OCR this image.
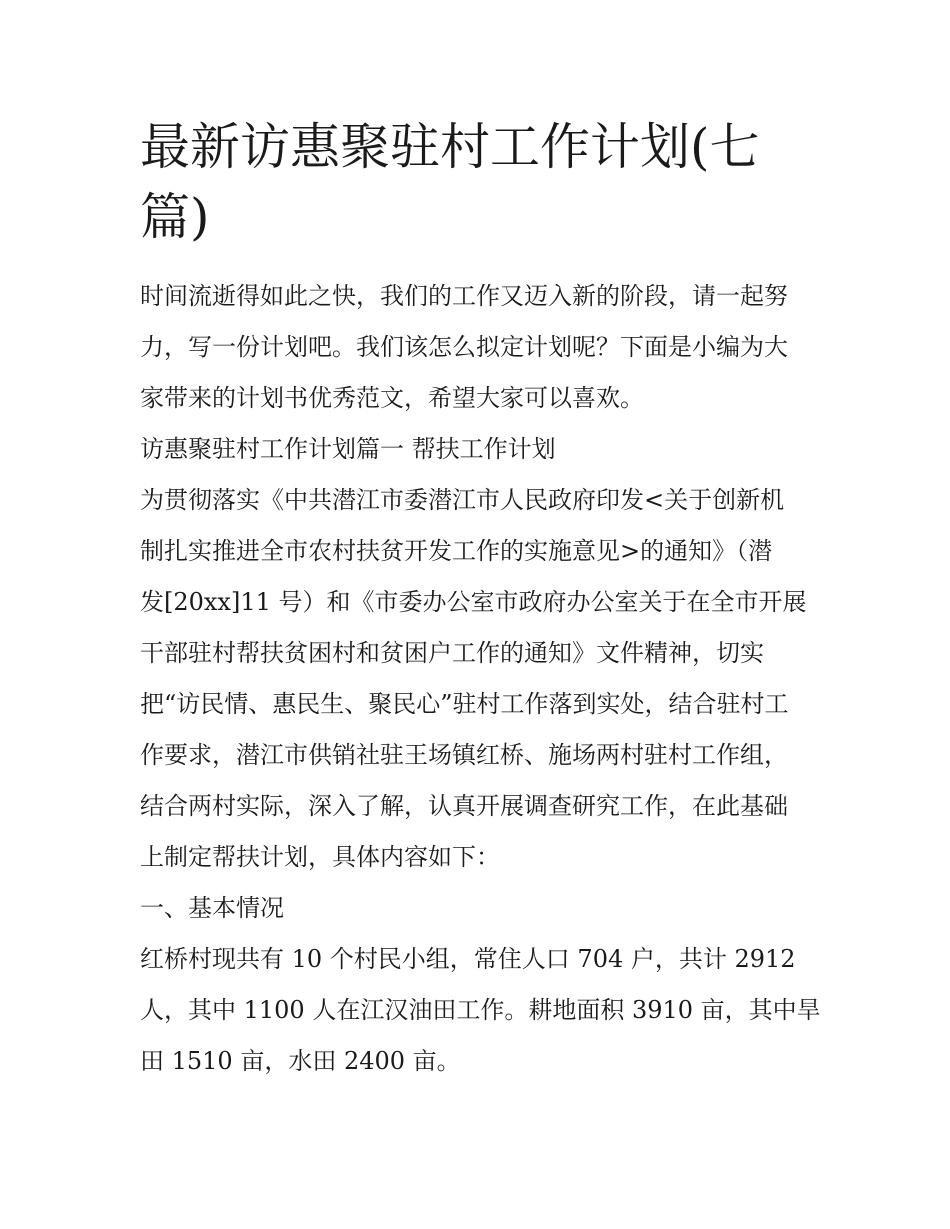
最新访惠聚驻村工作计划(七篇)

时间流逝得如此之快，我们的工作又迈入新的阶段，请一起努
力，写一份计划吧。我们该怎么拟定计划呢？下面是小编为大
家带来的计划书优秀范文，希望大家可以喜欢。

访惠聚驻村工作计划篇一 帮扶工作计划

为贯彻落实《中共潜江市委潜江市人民政府印发<关于创新机
制扎实推进全市农村扶贫开发工作的实施意见>的通知》（潜
发[20xx]11 号）和《市委办公室市政府办公室关于在全市开展
干部驻村帮扶贫困村和贫困户工作的通知》文件精神，切实
把“访民情、惠民生、聚民心”驻村工作落到实处，结合驻村工
作要求，潜江市供销社驻王场镇红桥、施场两村驻村工作组，
结合两村实际，深入了解，认真开展调查研究工作，在此基础
上制定帮扶计划，具体内容如下：

一、基本情况

红桥村现共有 10 个村民小组，常住人口 704 户，共计 2912
人，其中 1100 人在江汉油田工作。耕地面积 3910 亩，其中旱
田 1510 亩，水田 2400 亩。
